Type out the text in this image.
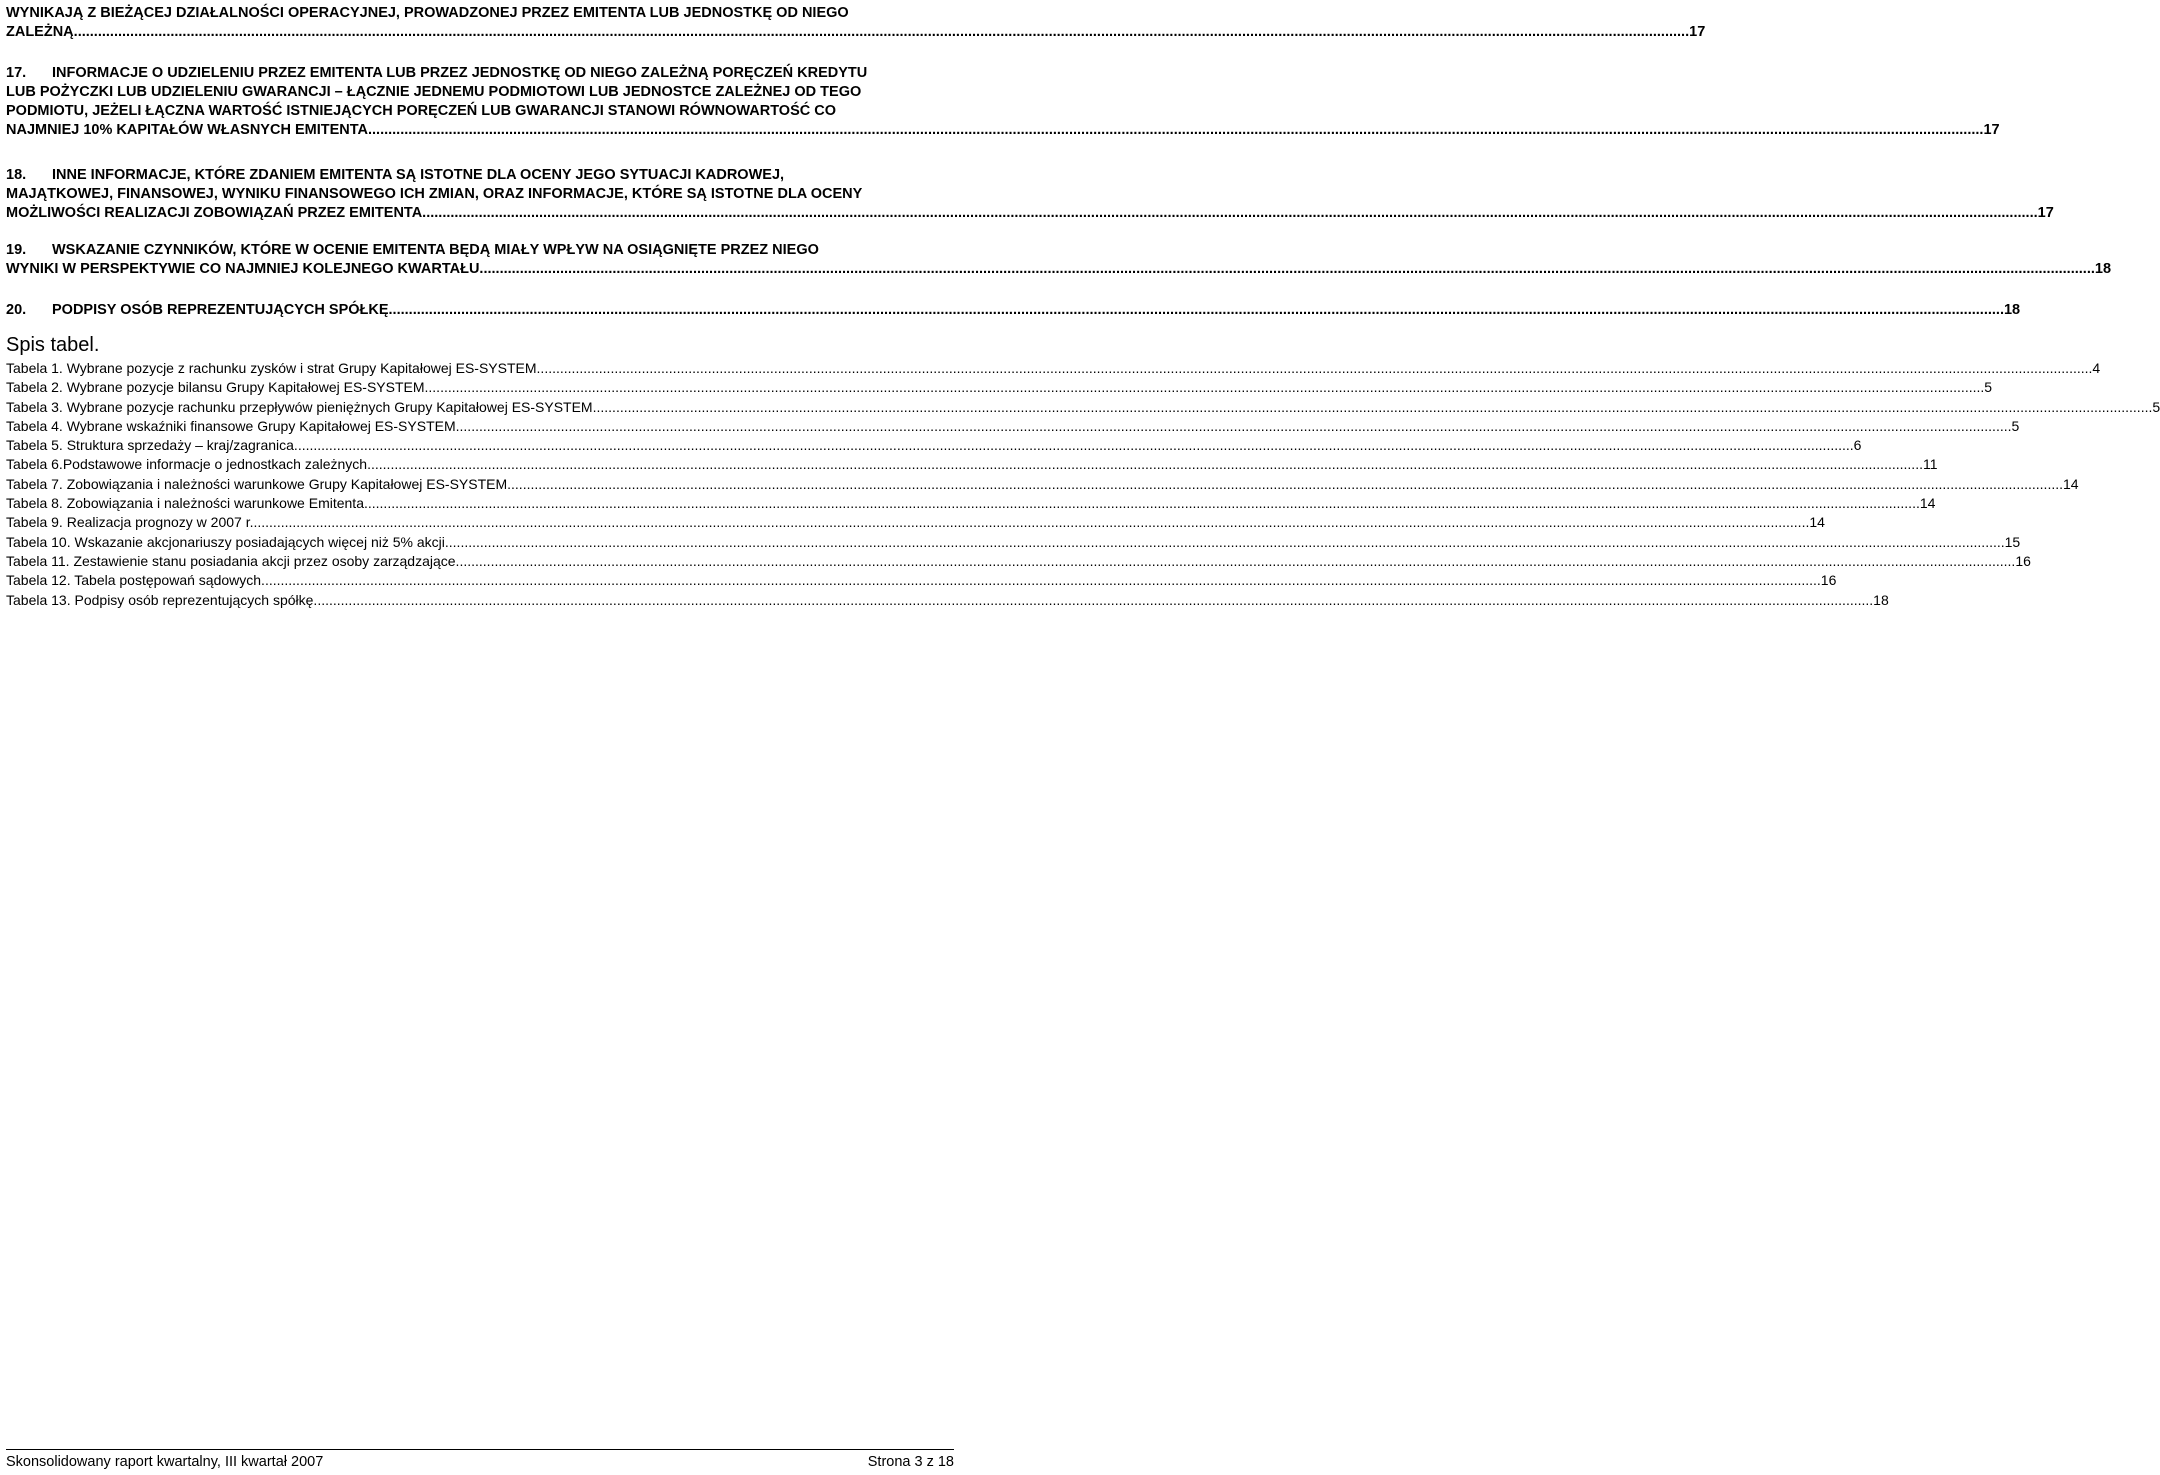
WYNIKAJĄ Z BIEŻĄCEJ DZIAŁALNOŚCI OPERACYJNEJ, PROWADZONEJ PRZEZ EMITENTA LUB JEDNOSTKĘ OD NIEGO
ZALEŻNĄ. ................................................................................................................................................................................................................................................................................................................................................................................................................ 17
17. INFORMACJE O UDZIELENIU PRZEZ EMITENTA LUB PRZEZ JEDNOSTKĘ OD NIEGO ZALEŻNĄ PORĘCZEŃ KREDYTU
LUB POŻYCZKI LUB UDZIELENIU GWARANCJI – ŁĄCZNIE JEDNEMU PODMIOTOWI LUB JEDNOSTCE ZALEŻNEJ OD TEGO
PODMIOTU, JEŻELI ŁĄCZNA WARTOŚĆ ISTNIEJĄCYCH PORĘCZEŃ LUB GWARANCJI STANOWI RÓWNOWARTOŚĆ CO
NAJMNIEJ 10% KAPITAŁÓW WŁASNYCH EMITENTA. ................................................................................................................................................................................................................................................................................................................................................................................................................ 17
18. INNE INFORMACJE, KTÓRE ZDANIEM EMITENTA SĄ ISTOTNE DLA OCENY JEGO SYTUACJI KADROWEJ,
MAJĄTKOWEJ, FINANSOWEJ, WYNIKU FINANSOWEGO ICH ZMIAN, ORAZ INFORMACJE, KTÓRE SĄ ISTOTNE DLA OCENY
MOŻLIWOŚCI REALIZACJI ZOBOWIĄZAŃ PRZEZ EMITENTA. ................................................................................................................................................................................................................................................................................................................................................................................................................ 17
19. WSKAZANIE CZYNNIKÓW, KTÓRE W OCENIE EMITENTA BĘDĄ MIAŁY WPŁYW NA OSIĄGNIĘTE PRZEZ NIEGO
WYNIKI W PERSPEKTYWIE CO NAJMNIEJ KOLEJNEGO KWARTAŁU. ................................................................................................................................................................................................................................................................................................................................................................................................................ 18
20. PODPISY OSÓB REPREZENTUJĄCYCH SPÓŁKĘ. ................................................................................................................................................................................................................................................................................................................................................................................................................ 18
Spis tabel.
Tabela 1. Wybrane pozycje z rachunku zysków i strat Grupy Kapitałowej ES-SYSTEM ................................................................................................................................................................................................................................................................................................................................................................................................................ 4
Tabela 2. Wybrane pozycje bilansu Grupy Kapitałowej ES-SYSTEM. ................................................................................................................................................................................................................................................................................................................................................................................................................ 5
Tabela 3. Wybrane pozycje rachunku przepływów pieniężnych Grupy Kapitałowej ES-SYSTEM. ................................................................................................................................................................................................................................................................................................................................................................................................................ 5
Tabela 4. Wybrane wskaźniki finansowe Grupy Kapitałowej ES-SYSTEM ................................................................................................................................................................................................................................................................................................................................................................................................................ 5
Tabela 5. Struktura sprzedaży – kraj/zagranica. ................................................................................................................................................................................................................................................................................................................................................................................................................ 6
Tabela 6.Podstawowe informacje o jednostkach zależnych ................................................................................................................................................................................................................................................................................................................................................................................................................ 11
Tabela 7. Zobowiązania i należności warunkowe Grupy Kapitałowej ES-SYSTEM ................................................................................................................................................................................................................................................................................................................................................................................................................ 14
Tabela 8. Zobowiązania i należności warunkowe Emitenta ................................................................................................................................................................................................................................................................................................................................................................................................................ 14
Tabela 9. Realizacja prognozy w 2007 r. ................................................................................................................................................................................................................................................................................................................................................................................................................ 14
Tabela 10. Wskazanie akcjonariuszy posiadających więcej niż 5% akcji. ................................................................................................................................................................................................................................................................................................................................................................................................................ 15
Tabela 11. Zestawienie stanu posiadania akcji przez osoby zarządzające. ................................................................................................................................................................................................................................................................................................................................................................................................................ 16
Tabela 12. Tabela postępowań sądowych. ................................................................................................................................................................................................................................................................................................................................................................................................................ 16
Tabela 13. Podpisy osób reprezentujących spółkę. ................................................................................................................................................................................................................................................................................................................................................................................................................ 18
Skonsolidowany raport kwartalny, III kwartał 2007	Strona 3 z 18
